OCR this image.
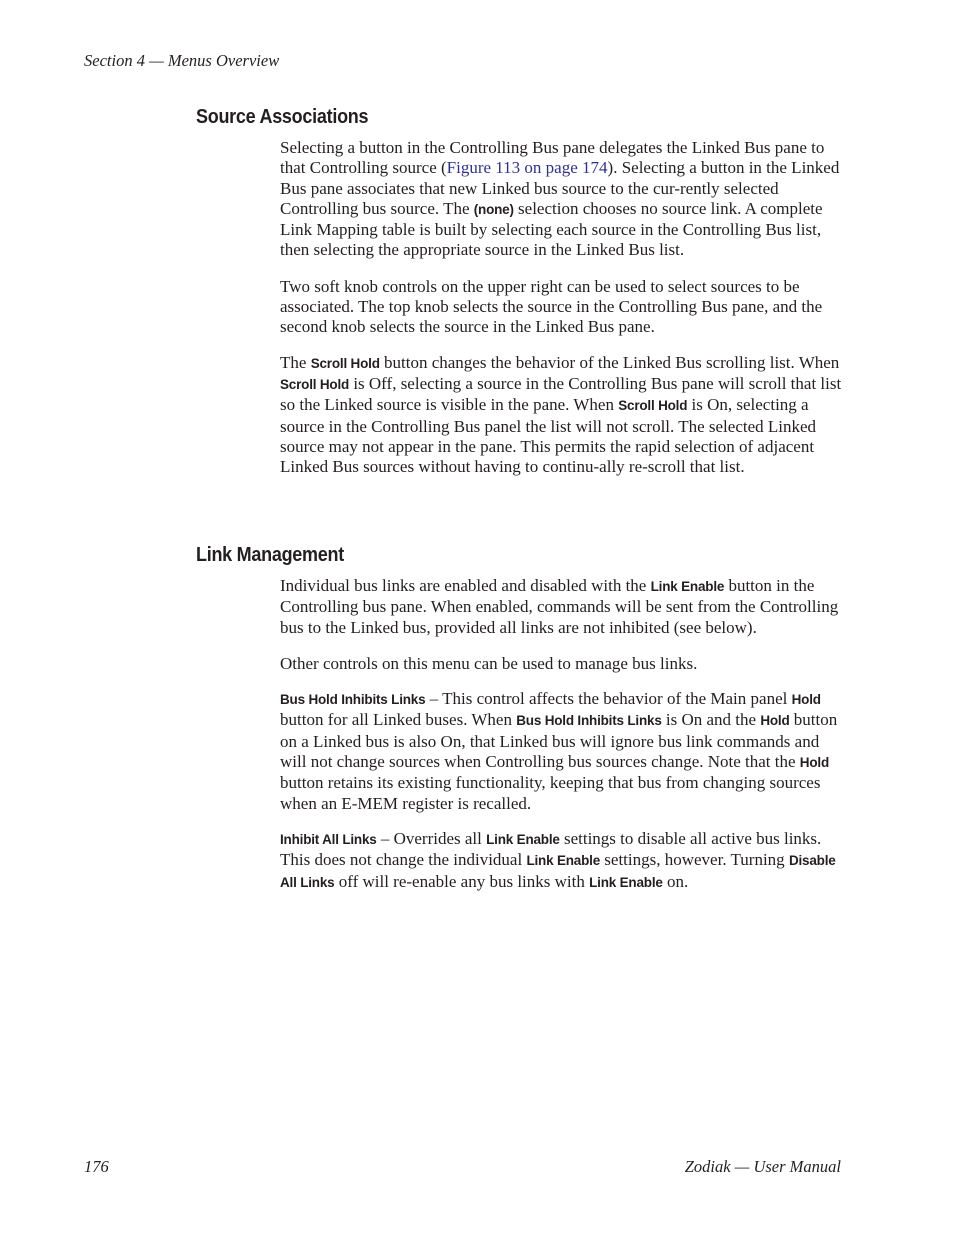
Section 4 — Menus Overview
Source Associations

Selecting a button in the Controlling Bus pane delegates the Linked Bus pane to that Controlling source (Figure 113 on page 174). Selecting a button in the Linked Bus pane associates that new Linked bus source to the cur-rently selected Controlling bus source. The (none) selection chooses no source link. A complete Link Mapping table is built by selecting each source in the Controlling Bus list, then selecting the appropriate source in the Linked Bus list.

Two soft knob controls on the upper right can be used to select sources to be associated. The top knob selects the source in the Controlling Bus pane, and the second knob selects the source in the Linked Bus pane.

The Scroll Hold button changes the behavior of the Linked Bus scrolling list. When Scroll Hold is Off, selecting a source in the Controlling Bus pane will scroll that list so the Linked source is visible in the pane. When Scroll Hold is On, selecting a source in the Controlling Bus panel the list will not scroll. The selected Linked source may not appear in the pane. This permits the rapid selection of adjacent Linked Bus sources without having to continu-ally re-scroll that list.

Link Management

Individual bus links are enabled and disabled with the Link Enable button in the Controlling bus pane. When enabled, commands will be sent from the Controlling bus to the Linked bus, provided all links are not inhibited (see below).

Other controls on this menu can be used to manage bus links.

Bus Hold Inhibits Links – This control affects the behavior of the Main panel Hold button for all Linked buses. When Bus Hold Inhibits Links is On and the Hold button on a Linked bus is also On, that Linked bus will ignore bus link commands and will not change sources when Controlling bus sources change. Note that the Hold button retains its existing functionality, keeping that bus from changing sources when an E-MEM register is recalled.

Inhibit All Links – Overrides all Link Enable settings to disable all active bus links. This does not change the individual Link Enable settings, however. Turning Disable All Links off will re-enable any bus links with Link Enable on.

176	Zodiak — User Manual
